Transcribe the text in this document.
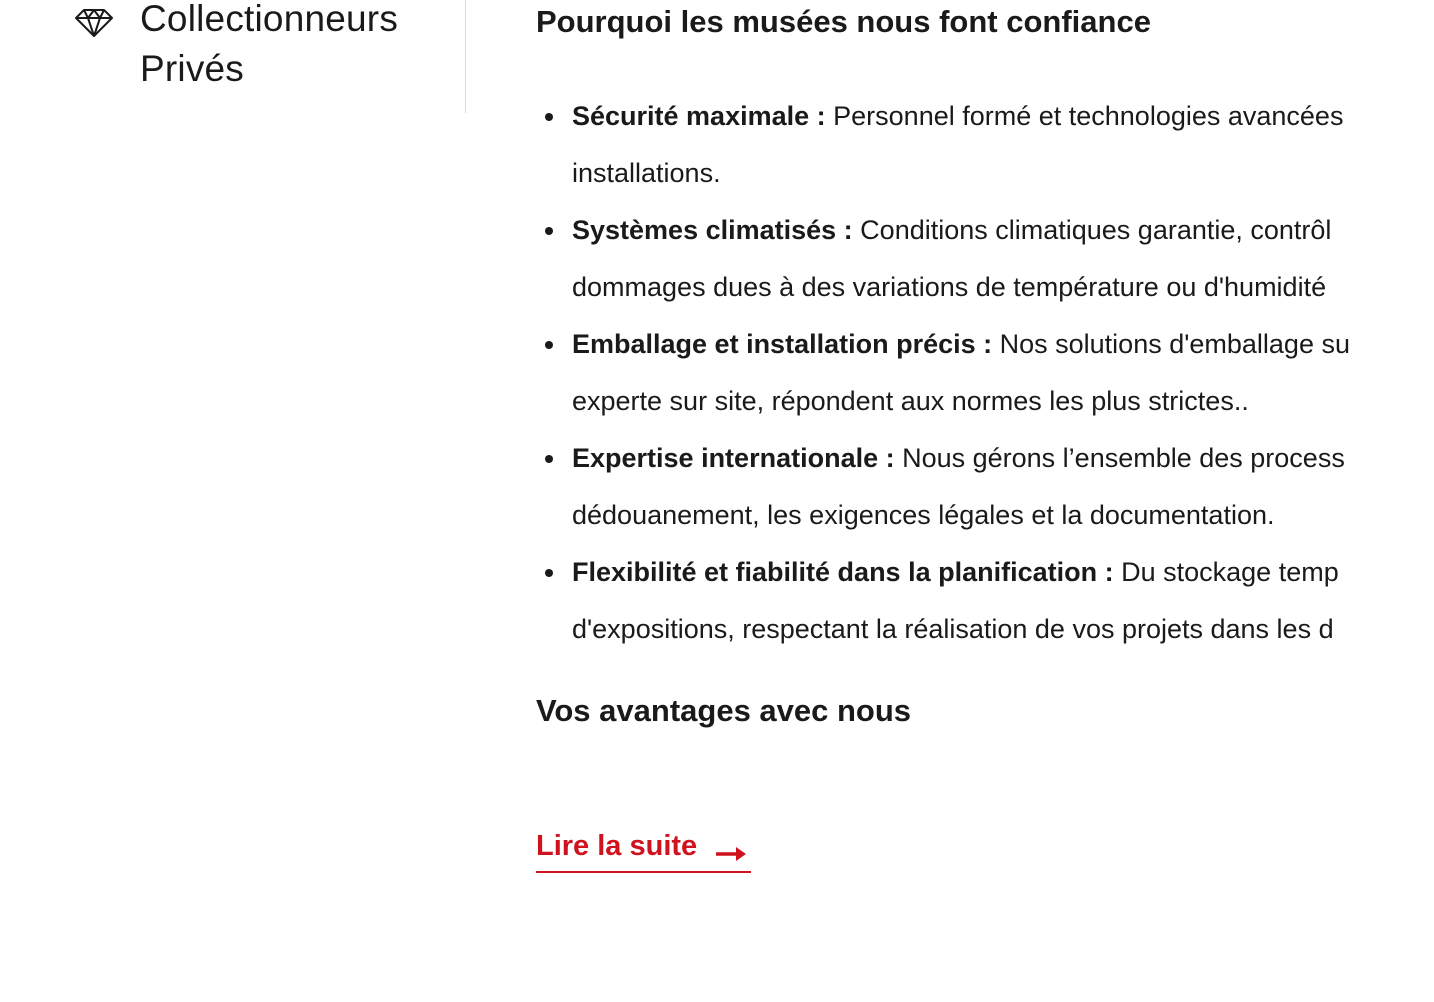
Collectionneurs
Privés
Pourquoi les musées nous font confiance
Sécurité maximale : Personnel formé et technologies avancées
installations.
Systèmes climatisés : Conditions climatiques garantie, contrôl
dommages dues à des variations de température ou d'humidité
Emballage et installation précis : Nos solutions d'emballage su
experte sur site, répondent aux normes les plus strictes..
Expertise internationale : Nous gérons l’ensemble des process
dédouanement, les exigences légales et la documentation.
Flexibilité et fiabilité dans la planification : Du stockage temp
d'expositions, respectant la réalisation de vos projets dans les d
Vos avantages avec nous
Lire la suite
